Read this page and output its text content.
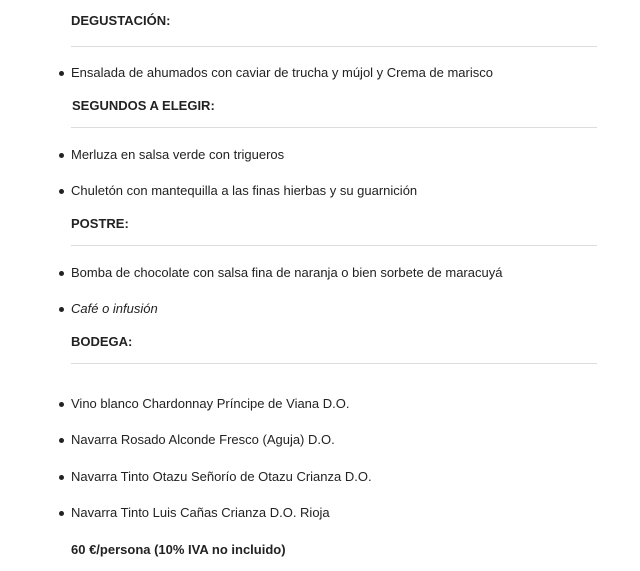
DEGUSTACIÓN:
Ensalada de ahumados con caviar de trucha y mújol y Crema de marisco
SEGUNDOS A ELEGIR:
Merluza en salsa verde con trigueros
Chuletón con mantequilla a las finas hierbas y su guarnición
POSTRE:
Bomba de chocolate con salsa fina de naranja o bien sorbete de maracuyá
Café o infusión
BODEGA:
Vino blanco Chardonnay Príncipe de Viana D.O.
Navarra Rosado Alconde Fresco (Aguja) D.O.
Navarra Tinto Otazu Señorío de Otazu Crianza D.O.
Navarra Tinto Luis Cañas Crianza D.O. Rioja
60 €/persona (10% IVA no incluido)
